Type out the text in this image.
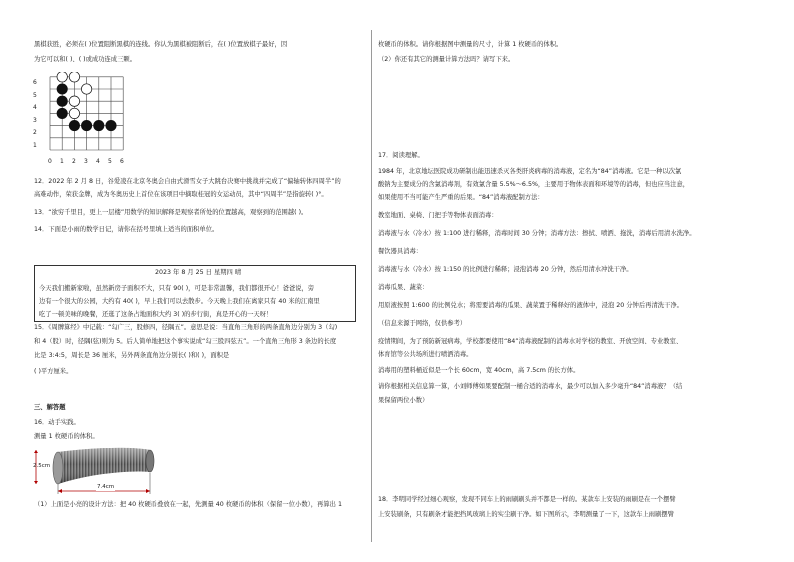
黑棋获胜，必须在( )位置阻断黑棋的连线。你认为黑棋被阻断后，在( )位置放棋子最好，因
为它可以和( )、( )或成功连成三颗。
6
5
4
3
2
1
0 1 2 3 4 5 6
12．2022 年 2 月 8 日，谷爱凌在北京冬奥会自由式滑雪女子大跳台决赛中挑战并完成了“偏轴转体四周半”的
高难动作，荣获金牌，成为冬奥历史上首位在该项目中摘取桂冠的女运动员，其中“四周半”是指旋转( )°。
13．“欲穷千里目，更上一层楼”用数学的知识解释是观察者所处的位置越高，观察到的范围越( )。
14．下面是小雨的数学日记，请你在括号里填上适当的面积单位。
2023 年 8 月 25 日 星期四 晴
今天我们搬新家啦，虽然新房子面积不大，只有 90( )，可是非常温馨，我们都很开心！爸爸说，旁
边有一个很大的公园，大约有 40( )，早上我们可以去散步。今天晚上我们在离家只有 40 米的江南里
吃了一顿美味的晚餐，还逛了这条占地面积大约 3( )的步行街，真是开心的一天呀！
15．《周髀算经》中记载：“勾广三，股修四，径隅五”。意思是说：当直角三角形的两条直角边分别为 3（勾)
和 4（股）时，径隅(弦)则为 5。后人简单地把这个事实说成“勾三股四弦五”。一个直角三角形 3 条边的长度
比是 3:4:5，周长是 36 厘米，另外两条直角边分别长( )和( )，面积是
( )平方厘米。
三、解答题
16．动手实践。
测量 1 枚硬币的体积。
2.5cm
7.4cm
（1）上面是小亮的设计方法：把 40 枚硬币叠放在一起，先测量 40 枚硬币的体积（保留一位小数），再算出 1
枚硬币的体积。请你根据图中测量的尺寸，计算 1 枚硬币的体积。
（2）你还有其它的测量计算方法吗？请写下来。
17．阅读理解。
1984 年，北京地坛医院成功研制出能迅速杀灭各类肝炎病毒的消毒液，定名为“84”消毒液。它是一种以次氯
酸钠为主要成分的含氯消毒剂，有效氯含量 5.5%～6.5%，主要用于物体表面和环境等的消毒，但也应当注意，
如果使用不当可能产生严重的后果。“84”消毒液配制方法：
教室地面、桌椅、门把手等物体表面消毒：
消毒液与水（冷水）按 1:100 进行稀释，消毒时间 30 分钟；消毒方法：擦拭、喷洒、拖洗，消毒后用清水洗净。
餐饮器具消毒：
消毒液与水（冷水）按 1:150 的比例进行稀释；浸泡消毒 20 分钟，然后用清水冲洗干净。
消毒瓜果、蔬菜：
用原液按照 1:600 的比例兑水；将需要消毒的瓜果、蔬菜置于稀释好的液体中，浸泡 20 分钟后再清洗干净。
（信息来源于网络，仅供参考）
疫情期间，为了预防新冠病毒，学校都要使用“84”消毒液配制的消毒水对学校的教室、开放空间、专业教室、
体育馆等公共场所进行喷洒消毒。
消毒用的塑料桶近似是一个长 60cm，宽 40cm，高 7.5cm 的长方体。
请你根据相关信息算一算，小刘师傅如果要配制一桶合适的消毒水，最少可以加入多少毫升“84”消毒液？（结
果保留两位小数）
18．李明同学经过细心观察，发现不同车上的雨刷刷头并不都是一样的。某款车上安装的雨刷是在一个摆臂
上安装刷条，只有刷条才能把挡风玻璃上的实尘刷干净。如下图所示，李明测量了一下，这款车上雨刷摆臂
